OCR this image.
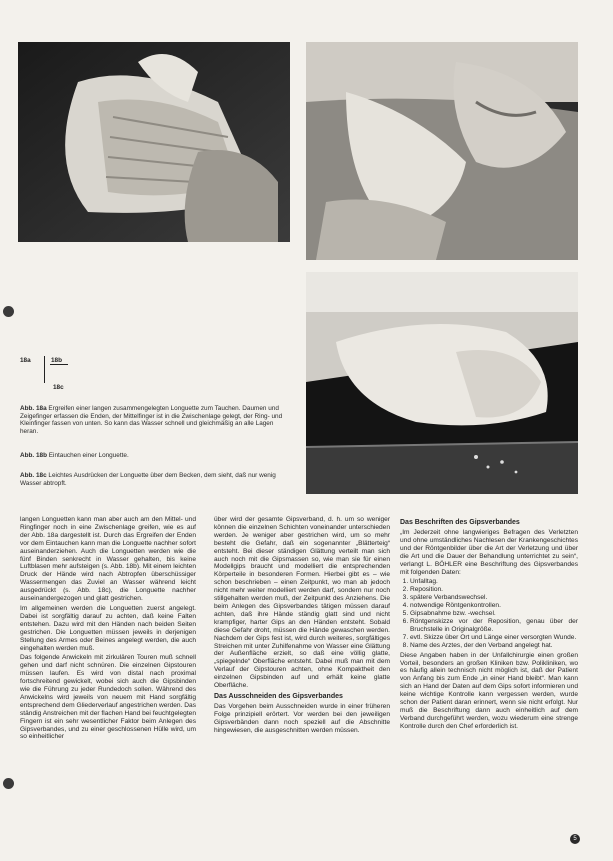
18a	18b
18c

Abb. 18a Ergreifen einer langen zusammengelegten Longuette zum Tauchen. Daumen und Zeigefinger erfassen die Enden, der Mittelfinger ist in die Zwischenlage gelegt, der Ring- und Kleinfinger fassen von unten. So kann das Wasser schnell und gleichmäßig an alle Lagen heran.

Abb. 18b Eintauchen einer Longuette.

Abb. 18c Leichtes Ausdrücken der Longuette über dem Becken, dem sieht, daß nur wenig Wasser abtropft.

langen Longuetten kann man aber auch am den Mittel- und Ringfinger noch in eine Zwischenlage greifen, wie es auf der Abb. 18a dargestellt ist. Durch das Ergreifen der Enden vor dem Eintauchen kann man die Longuette nachher sofort auseinanderziehen. Auch die Longuetten werden wie die fünf Binden senkrecht in Wasser gehalten, bis keine Luftblasen mehr aufsteigen (s. Abb. 18b). Mit einem leichten Druck der Hände wird nach Abtropfen überschüssiger Wassermengen das Zuviel an Wasser während leicht ausgedrückt (s. Abb. 18c), die Longuette nachher auseinandergezogen und glatt gestrichen.

Im allgemeinen werden die Longuetten zuerst angelegt. Dabei ist sorgfältig darauf zu achten, daß keine Falten entstehen. Dazu wird mit den Händen nach beiden Seiten gestrichen. Die Longuetten müssen jeweils in derjenigen Stellung des Armes oder Beines angelegt werden, die auch eingehalten werden muß.

Das folgende Anwickeln mit zirkulären Touren muß schnell gehen und darf nicht schnüren. Die einzelnen Gipstouren müssen laufen. Es wird von distal nach proximal fortschreitend gewickelt, wobei sich auch die Gipsbinden wie die Führung zu jeder Rundedoch sollen. Während des Anwickelns wird jeweils von neuem mit Hand sorgfältig entsprechend dem Gliederverlauf angestrichen werden. Das ständig Anstreichen mit der flachen Hand bei feuchtgelegten Fingern ist ein sehr wesentlicher Faktor beim Anlegen des Gipsverbandes, und zu einer geschlossenen Hülle wird, um so einheitlicher

über wird der gesamte Gipsverband, d. h. um so weniger können die einzelnen Schichten voneinander unterschieden werden. Je weniger aber gestrichen wird, um so mehr besteht die Gefahr, daß ein sogenannter „Blätterteig“ entsteht. Bei dieser ständigen Glättung verteilt man sich auch noch mit die Gipsmassen so, wie man sie für einen Modellgips braucht und modelliert die entsprechenden Körperteile in besonderen Formen. Hierbei gibt es – wie schon beschrieben – einen Zeitpunkt, wo man ab jedoch nicht mehr weiter modelliert werden darf, sondern nur noch stillgehalten werden muß, der Zeitpunkt des Anziehens. Die beim Anlegen des Gipsverbandes tätigen müssen darauf achten, daß ihre Hände ständig glatt sind und nicht krampfiger, harter Gips an den Händen entsteht. Sobald diese Gefahr droht, müssen die Hände gewaschen werden. Nachdem der Gips fest ist, wird durch weiteres, sorgfältiges Streichen mit unter Zuhilfenahme von Wasser eine Glättung der Außenfläche erzielt, so daß eine völlig glatte, „spiegelnde“ Oberfläche entsteht. Dabei muß man mit dem Verlauf der Gipstouren achten, ohne Kompaktheit den einzelnen Gipsbinden auf und erhält keine glatte Oberfläche.

Das Ausschneiden des Gipsverbandes

Das Vorgehen beim Ausschneiden wurde in einer früheren Folge prinzipiell erörtert. Vor werden bei den jeweiligen Gipsverbänden dann noch speziell auf die Abschnitte hingewiesen, die ausgeschnitten werden müssen.

Das Beschriften des Gipsverbandes

„Im Jederzeit ohne langwieriges Befragen des Verletzten und ohne umständliches Nachlesen der Krankengeschichtes und der Röntgenbilder über die Art der Verletzung und über die Art und die Dauer der Behandlung unterrichtet zu sein“, verlangt L. BÖHLER eine Beschriftung des Gipsverbandes mit folgenden Daten:

1. Unfalltag.
2. Reposition.
3. spätere Verbandswechsel.
4. notwendige Röntgenkontrollen.
5. Gipsabnahme bzw. -wechsel.
6. Röntgenskizze vor der Reposition, genau über der Bruchstelle in Originalgröße.
7. evtl. Skizze über Ort und Länge einer versorgten Wunde.
8. Name des Arztes, der den Verband angelegt hat.

Diese Angaben haben in der Unfallchirurgie einen großen Vorteil, besonders an großen Kliniken bzw. Polikliniken, wo es häufig allein technisch nicht möglich ist, daß der Patient von Anfang bis zum Ende „in einer Hand bleibt“. Man kann sich an Hand der Daten auf dem Gips sofort informieren und keine wichtige Kontrolle kann vergessen werden, wurde schon der Patient daran erinnert, wenn sie nicht erfolgt. Nur muß die Beschriftung dann auch einheitlich auf dem Verband durchgeführt werden, wozu wiederum eine strenge Kontrolle durch den Chef erforderlich ist.

5
